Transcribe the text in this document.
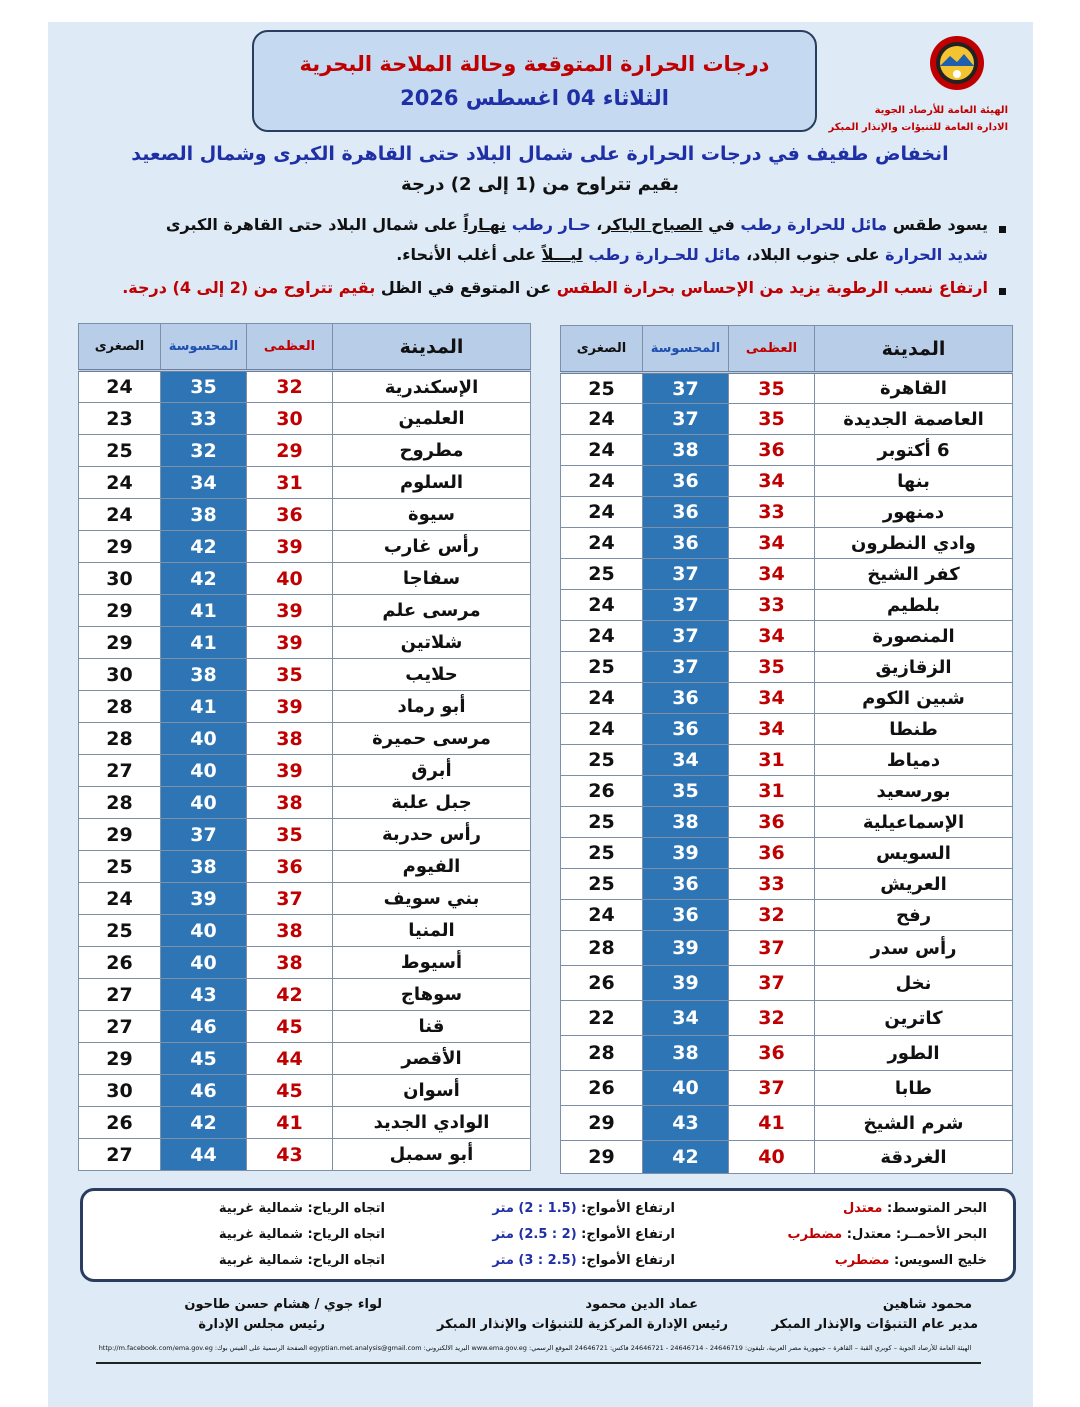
درجات الحرارة المتوقعة وحالة الملاحة البحرية
الثلاثاء 04 اغسطس 2026
الهيئة العامة للأرصاد الجوية
الادارة العامة للتنبؤات والإنذار المبكر
انخفاض طفيف في درجات الحرارة على شمال البلاد حتى القاهرة الكبرى وشمال الصعيد
بقيم تتراوح من (1 إلى 2) درجة
يسود طقس مائل للحرارة رطب في الصباح الباكر، حـار رطب نهـاراً على شمال البلاد حتى القاهرة الكبرى
شديد الحرارة على جنوب البلاد، مائل للحـرارة رطب ليـــلاً على أغلب الأنحاء.
ارتفاع نسب الرطوبة يزيد من الإحساس بحرارة الطقس عن المتوقع في الظل بقيم تتراوح من (2 إلى 4) درجة.
المدينة	العظمى	المحسوسة	الصغرى
القاهرة	35	37	25
العاصمة الجديدة	35	37	24
6 أكتوبر	36	38	24
بنها	34	36	24
دمنهور	33	36	24
وادي النطرون	34	36	24
كفر الشيخ	34	37	25
بلطيم	33	37	24
المنصورة	34	37	24
الزقازيق	35	37	25
شبين الكوم	34	36	24
طنطا	34	36	24
دمياط	31	34	25
بورسعيد	31	35	26
الإسماعيلية	36	38	25
السويس	36	39	25
العريش	33	36	25
رفح	32	36	24
رأس سدر	37	39	28
نخل	37	39	26
كاترين	32	34	22
الطور	36	38	28
طابا	37	40	26
شرم الشيخ	41	43	29
الغردقة	40	42	29
المدينة	العظمى	المحسوسة	الصغرى
الإسكندرية	32	35	24
العلمين	30	33	23
مطروح	29	32	25
السلوم	31	34	24
سيوة	36	38	24
رأس غارب	39	42	29
سفاجا	40	42	30
مرسى علم	39	41	29
شلاتين	39	41	29
حلايب	35	38	30
أبو رماد	39	41	28
مرسى حميرة	38	40	28
أبرق	39	40	27
جبل علبة	38	40	28
رأس حدربة	35	37	29
الفيوم	36	38	25
بني سويف	37	39	24
المنيا	38	40	25
أسيوط	38	40	26
سوهاج	42	43	27
قنا	45	46	27
الأقصر	44	45	29
أسوان	45	46	30
الوادي الجديد	41	42	26
أبو سمبل	43	44	27
البحر المتوسط: معتدل
ارتفاع الأمواج: (1.5 : 2) متر
اتجاه الرياح: شمالية غربية
البحر الأحمــر: معتدل: مضطرب
ارتفاع الأمواج: (2 : 2.5) متر
اتجاه الرياح: شمالية غربية
خليج السويس: مضطرب
ارتفاع الأمواج: (2.5 : 3) متر
اتجاه الرياح: شمالية غربية
محمود شاهين
مدير عام التنبؤات والإنذار المبكر
عماد الدين محمود
رئيس الإدارة المركزية للتنبؤات والإنذار المبكر
لواء جوي / هشام حسن طاحون
رئيس مجلس الإدارة
الهيئة العامة للأرصاد الجوية – كوبري القبة – القاهرة – جمهورية مصر العربية، تليفون: 24646719 - 24646714 - 24646721 فاكس: 24646721 الموقع الرسمي: www.ema.gov.eg البريد الالكتروني: egyptian.met.analysis@gmail.com الصفحة الرسمية على الفيس بوك: http://m.facebook.com/ema.gov.eg
